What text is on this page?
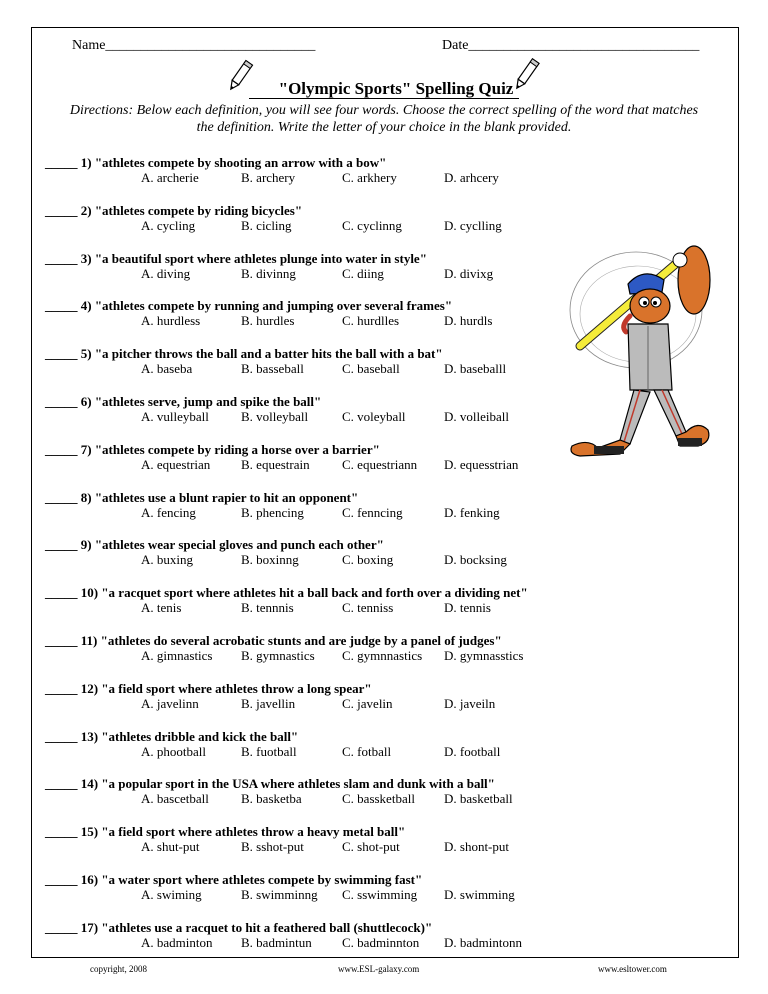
Name______________________________	Date_________________________________
"Olympic Sports" Spelling Quiz
Directions: Below each definition, you will see four words. Choose the correct spelling of the word that matches the definition. Write the letter of your choice in the blank provided.
_____ 1) "athletes compete by shooting an arrow with a bow"
A. archerie	B. archery	C. arkhery	D. arhcery
_____ 2) "athletes compete by riding bicycles"
A. cycling	B. cicling	C. cyclinng	D. cyclling
_____ 3) "a beautiful sport where athletes plunge into water in style"
A. diving	B. divinng	C. diing	D. divixg
_____ 4) "athletes compete by running and jumping over several frames"
A. hurdless	B. hurdles	C. hurdlles	D. hurdls
_____ 5) "a pitcher throws the ball and a batter hits the ball with a bat"
A. baseba	B. basseball	C. baseball	D. baseballl
_____ 6) "athletes serve, jump and spike the ball"
A. vulleyball B. volleyball	C. voleyball	D. volleiball
_____ 7) "athletes compete by riding a horse over a barrier"
A. equestrian B. equestrain C. equestriann D. equesstrian
_____ 8) "athletes use a blunt rapier to hit an opponent"
A. fencing	B. phencing	C. fenncing	D. fenking
_____ 9) "athletes wear special gloves and punch each other"
A. buxing	B. boxinng	C. boxing	D. bocksing
_____ 10) "a racquet sport where athletes hit a ball back and forth over a dividing net"
A. tenis	B. tennnis	C. tenniss	D. tennis
_____ 11) "athletes do several acrobatic stunts and are judge by a panel of judges"
A. gimnastics B. gymnastics C. gymnnastics D. gymnasstics
_____ 12) "a field sport where athletes throw a long spear"
A. javelinn	B. javellin	C. javelin	D. javeiln
_____ 13) "athletes dribble and kick the ball"
A. phootball	B. fuotball	C. fotball	D. football
_____ 14) "a popular sport in the USA where athletes slam and dunk with a ball"
A. bascetball B. basketba	C. bassketball D. basketball
_____ 15) "a field sport where athletes throw a heavy metal ball"
A. shut-put	B. sshot-put	C. shot-put	D. shont-put
_____ 16) "a water sport where athletes compete by swimming fast"
A. swiming	B. swimminng C. sswimming D. swimming
_____ 17) "athletes use a racquet to hit a feathered ball (shuttlecock)"
A. badminton B. badmintun C. badminnton D. badmintonn
copyright, 2008	www.ESL-galaxy.com	www.esltower.com
